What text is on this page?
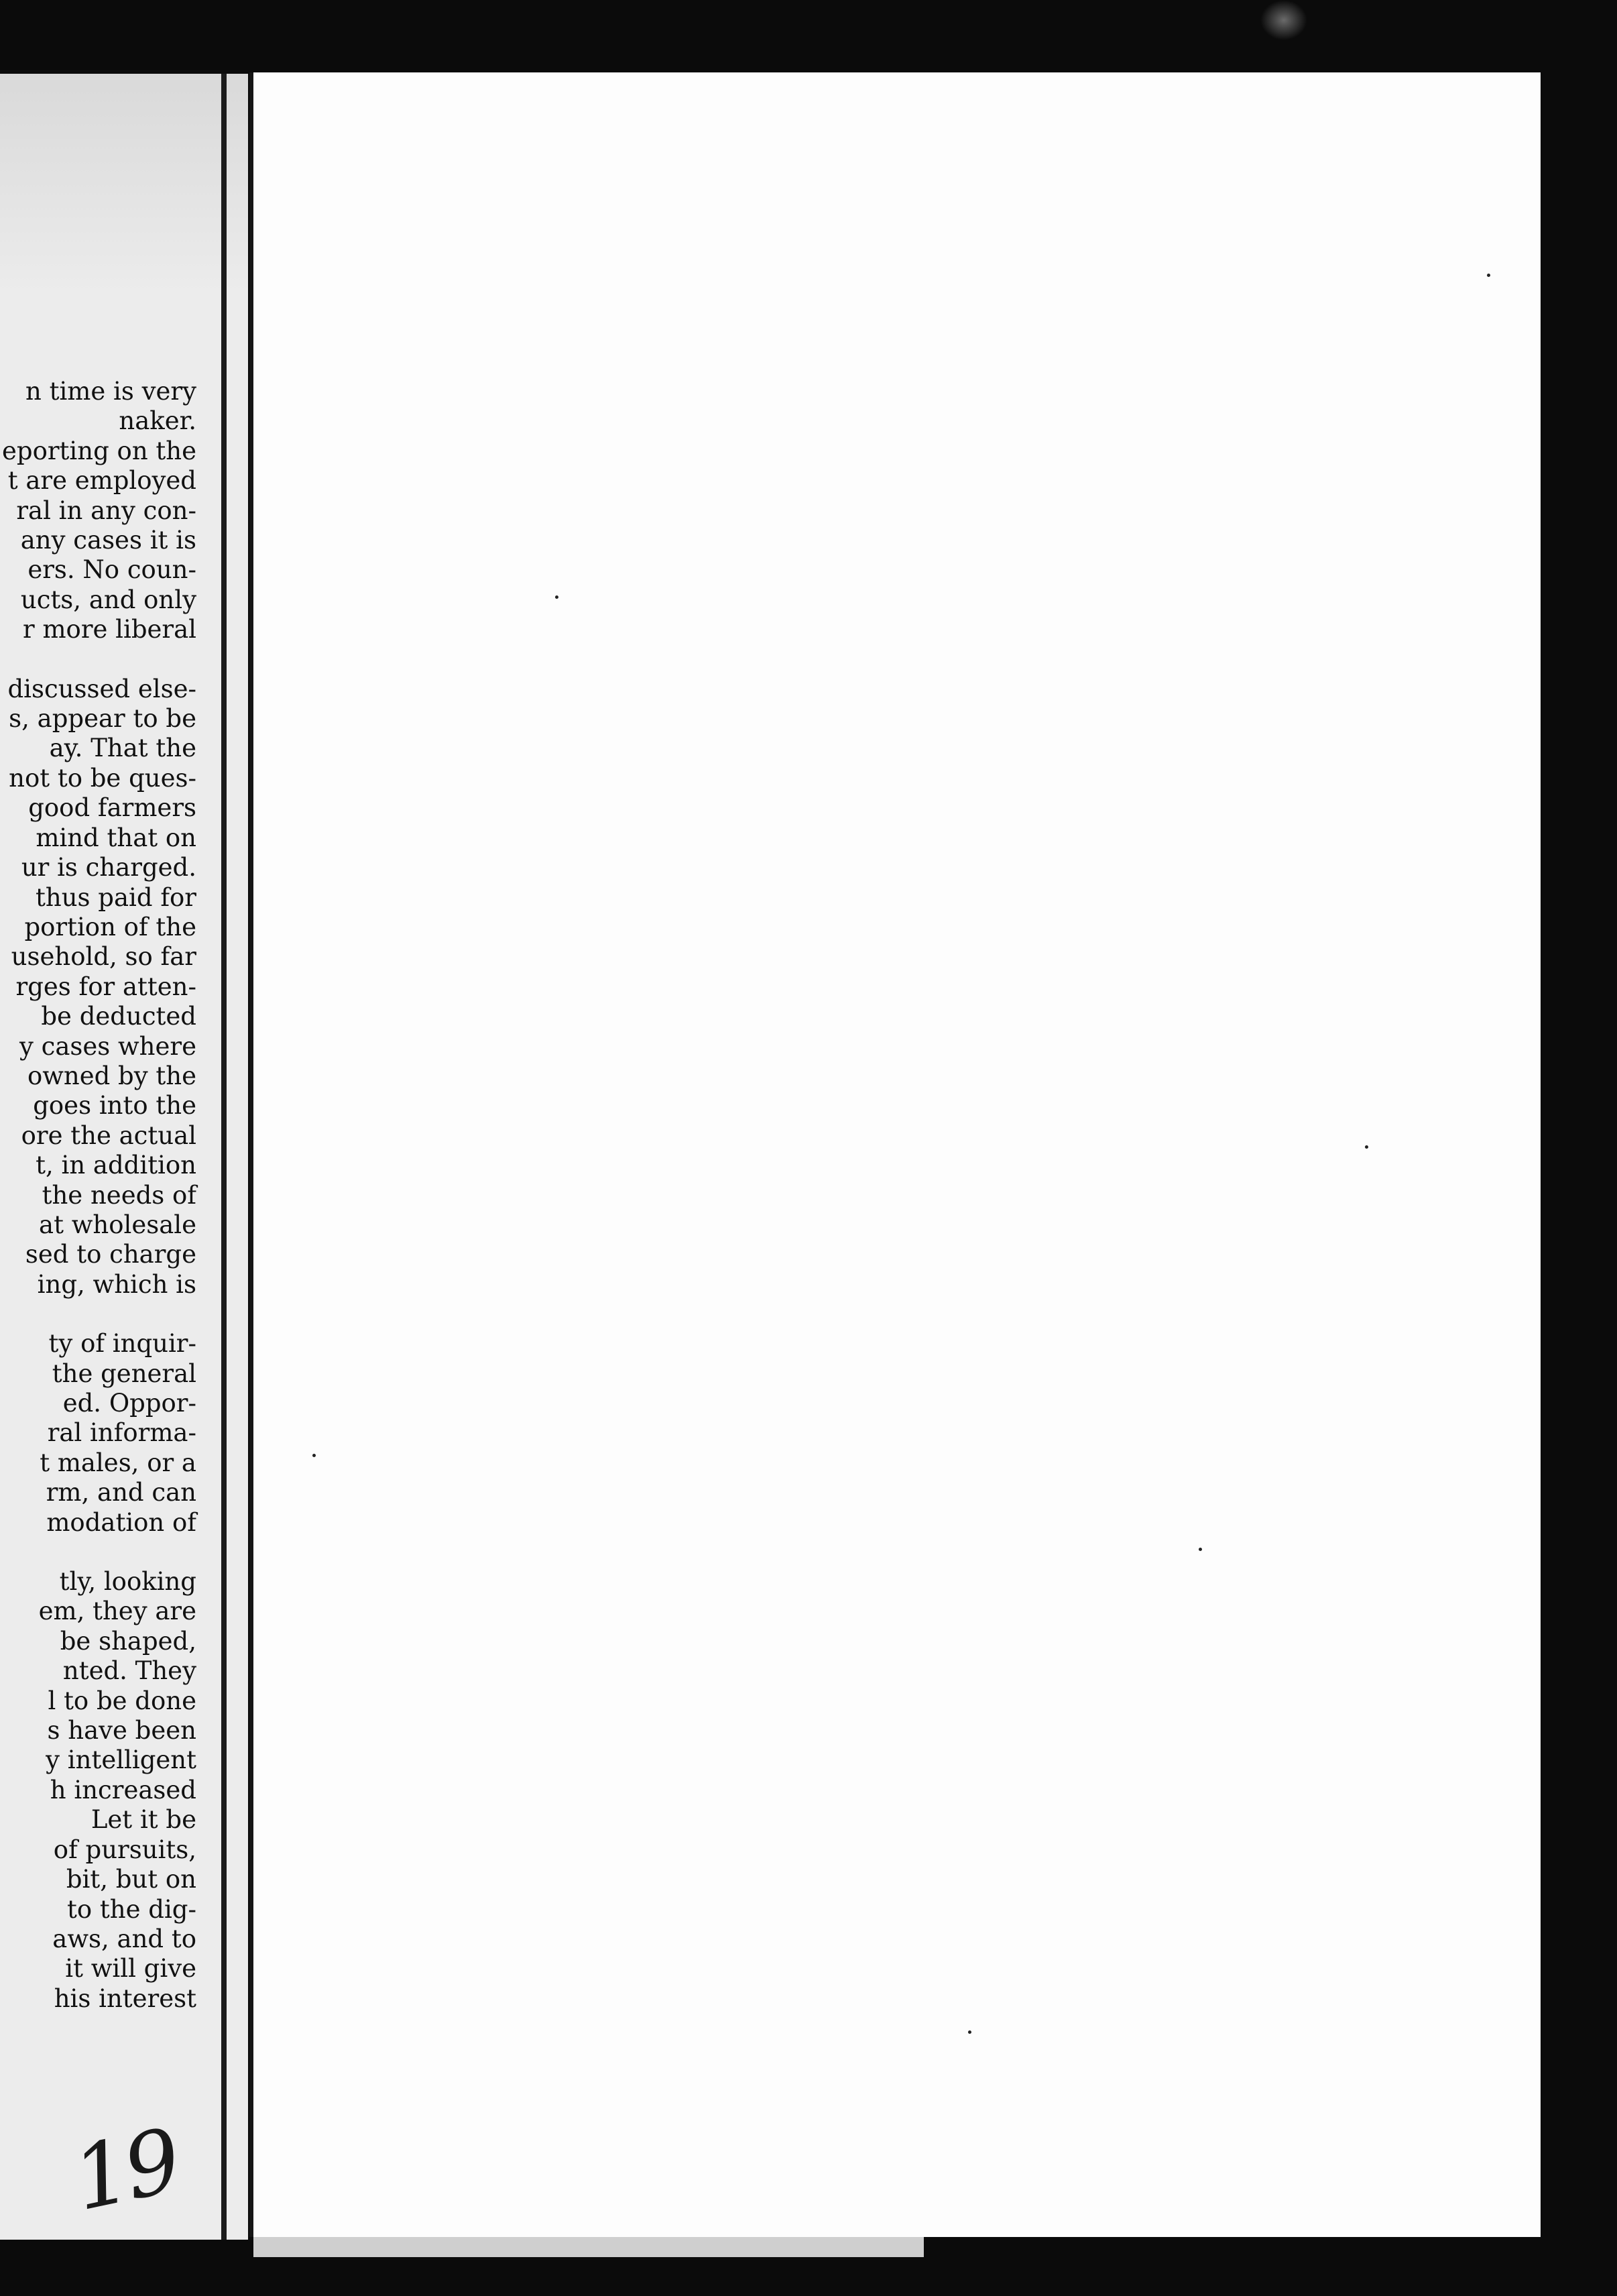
n time is very
naker.
eporting on the
t are employed
ral in any con-
any cases it is
ers. No coun-
ucts, and only
r more liberal
discussed else-
s, appear to be
ay. That the
not to be ques-
good farmers
mind that on
ur is charged.
thus paid for
portion of the
usehold, so far
rges for atten-
be deducted
y cases where
owned by the
goes into the
ore the actual
t, in addition
the needs of
at wholesale
sed to charge
ing, which is
ty of inquir-
the general
ed. Oppor-
ral informa-
t males, or a
rm, and can
modation of
tly, looking
em, they are
be shaped,
nted. They
l to be done
s have been
y intelligent
h increased
Let it be
of pursuits,
bit, but on
to the dig-
aws, and to
it will give
his interest
19
